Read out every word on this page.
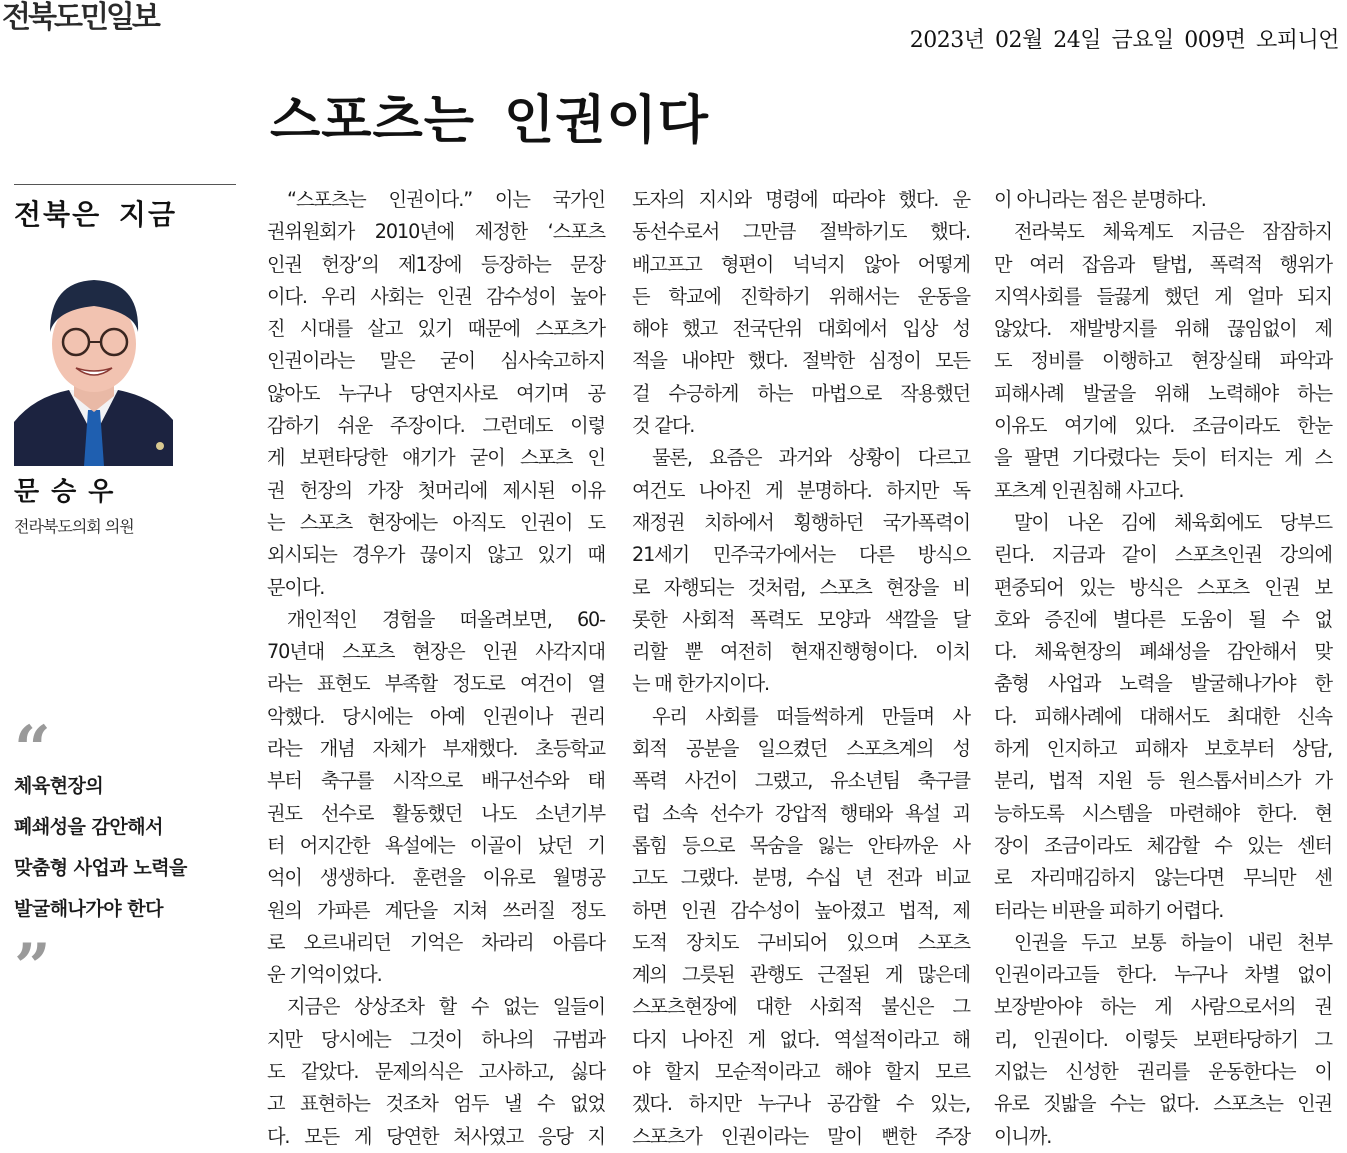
전북도민일보
2023년 02월 24일 금요일 009면 오피니언
스포츠는 인권이다
전북은 지금
문승우
전라북도의회 의원
“
체육현장의
폐쇄성을 감안해서
맞춤형 사업과 노력을
발굴해나가야 한다
”
“스포츠는 인권이다.” 이는 국가인
권위원회가 2010년에 제정한 ‘스포츠
인권 헌장’의 제1장에 등장하는 문장
이다. 우리 사회는 인권 감수성이 높아
진 시대를 살고 있기 때문에 스포츠가
인권이라는 말은 굳이 심사숙고하지
않아도 누구나 당연지사로 여기며 공
감하기 쉬운 주장이다. 그런데도 이렇
게 보편타당한 얘기가 굳이 스포츠 인
권 헌장의 가장 첫머리에 제시된 이유
는 스포츠 현장에는 아직도 인권이 도
외시되는 경우가 끊이지 않고 있기 때
문이다.
개인적인 경험을 떠올려보면, 60-
70년대 스포츠 현장은 인권 사각지대
라는 표현도 부족할 정도로 여건이 열
악했다. 당시에는 아예 인권이나 권리
라는 개념 자체가 부재했다. 초등학교
부터 축구를 시작으로 배구선수와 태
권도 선수로 활동했던 나도 소년기부
터 어지간한 욕설에는 이골이 났던 기
억이 생생하다. 훈련을 이유로 월명공
원의 가파른 계단을 지쳐 쓰러질 정도
로 오르내리던 기억은 차라리 아름다
운 기억이었다.
지금은 상상조차 할 수 없는 일들이
지만 당시에는 그것이 하나의 규범과
도 같았다. 문제의식은 고사하고, 싫다
고 표현하는 것조차 엄두 낼 수 없었
다. 모든 게 당연한 처사였고 응당 지
도자의 지시와 명령에 따라야 했다. 운
동선수로서 그만큼 절박하기도 했다.
배고프고 형편이 넉넉지 않아 어떻게
든 학교에 진학하기 위해서는 운동을
해야 했고 전국단위 대회에서 입상 성
적을 내야만 했다. 절박한 심정이 모든
걸 수긍하게 하는 마법으로 작용했던
것 같다.
물론, 요즘은 과거와 상황이 다르고
여건도 나아진 게 분명하다. 하지만 독
재정권 치하에서 횡행하던 국가폭력이
21세기 민주국가에서는 다른 방식으
로 자행되는 것처럼, 스포츠 현장을 비
롯한 사회적 폭력도 모양과 색깔을 달
리할 뿐 여전히 현재진행형이다. 이치
는 매 한가지이다.
우리 사회를 떠들썩하게 만들며 사
회적 공분을 일으켰던 스포츠계의 성
폭력 사건이 그랬고, 유소년팀 축구클
럽 소속 선수가 강압적 행태와 욕설 괴
롭힘 등으로 목숨을 잃는 안타까운 사
고도 그랬다. 분명, 수십 년 전과 비교
하면 인권 감수성이 높아졌고 법적, 제
도적 장치도 구비되어 있으며 스포츠
계의 그릇된 관행도 근절된 게 많은데
스포츠현장에 대한 사회적 불신은 그
다지 나아진 게 없다. 역설적이라고 해
야 할지 모순적이라고 해야 할지 모르
겠다. 하지만 누구나 공감할 수 있는,
스포츠가 인권이라는 말이 뻔한 주장
이 아니라는 점은 분명하다.
전라북도 체육계도 지금은 잠잠하지
만 여러 잡음과 탈법, 폭력적 행위가
지역사회를 들끓게 했던 게 얼마 되지
않았다. 재발방지를 위해 끊임없이 제
도 정비를 이행하고 현장실태 파악과
피해사례 발굴을 위해 노력해야 하는
이유도 여기에 있다. 조금이라도 한눈
을 팔면 기다렸다는 듯이 터지는 게 스
포츠계 인권침해 사고다.
말이 나온 김에 체육회에도 당부드
린다. 지금과 같이 스포츠인권 강의에
편중되어 있는 방식은 스포츠 인권 보
호와 증진에 별다른 도움이 될 수 없
다. 체육현장의 폐쇄성을 감안해서 맞
춤형 사업과 노력을 발굴해나가야 한
다. 피해사례에 대해서도 최대한 신속
하게 인지하고 피해자 보호부터 상담,
분리, 법적 지원 등 원스톱서비스가 가
능하도록 시스템을 마련해야 한다. 현
장이 조금이라도 체감할 수 있는 센터
로 자리매김하지 않는다면 무늬만 센
터라는 비판을 피하기 어렵다.
인권을 두고 보통 하늘이 내린 천부
인권이라고들 한다. 누구나 차별 없이
보장받아야 하는 게 사람으로서의 권
리, 인권이다. 이렇듯 보편타당하기 그
지없는 신성한 권리를 운동한다는 이
유로 짓밟을 수는 없다. 스포츠는 인권
이니까.
